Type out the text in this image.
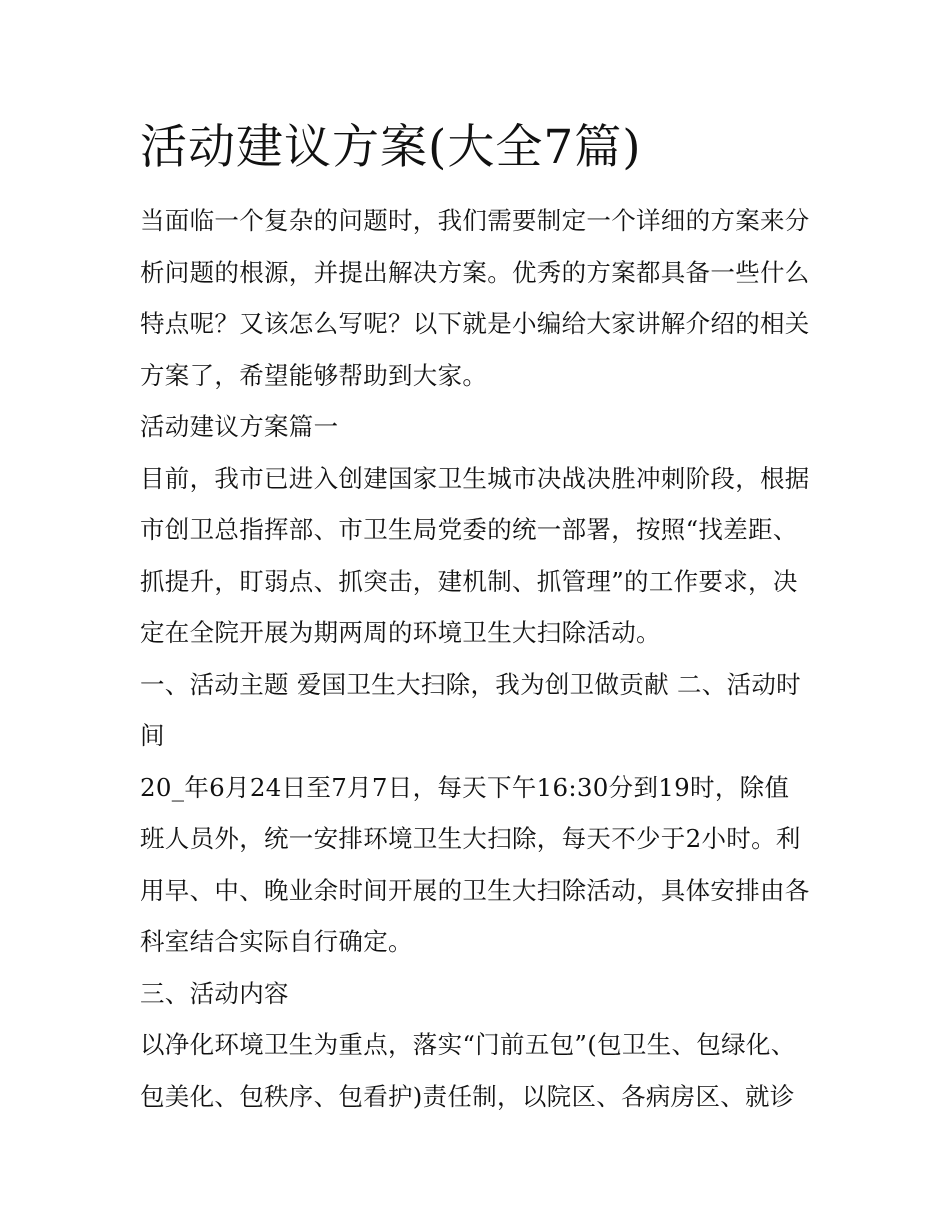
活动建议方案(大全7篇)

当面临一个复杂的问题时，我们需要制定一个详细的方案来分
析问题的根源，并提出解决方案。优秀的方案都具备一些什么
特点呢？又该怎么写呢？以下就是小编给大家讲解介绍的相关
方案了，希望能够帮助到大家。

活动建议方案篇一

目前，我市已进入创建国家卫生城市决战决胜冲刺阶段，根据
市创卫总指挥部、市卫生局党委的统一部署，按照“找差距、
抓提升，盯弱点、抓突击，建机制、抓管理”的工作要求，决
定在全院开展为期两周的环境卫生大扫除活动。

一、活动主题 爱国卫生大扫除，我为创卫做贡献 二、活动时
间

20_年6月24日至7月7日，每天下午16:30分到19时，除值
班人员外，统一安排环境卫生大扫除，每天不少于2小时。利
用早、中、晚业余时间开展的卫生大扫除活动，具体安排由各
科室结合实际自行确定。

三、活动内容

以净化环境卫生为重点，落实“门前五包”(包卫生、包绿化、
包美化、包秩序、包看护)责任制，以院区、各病房区、就诊
